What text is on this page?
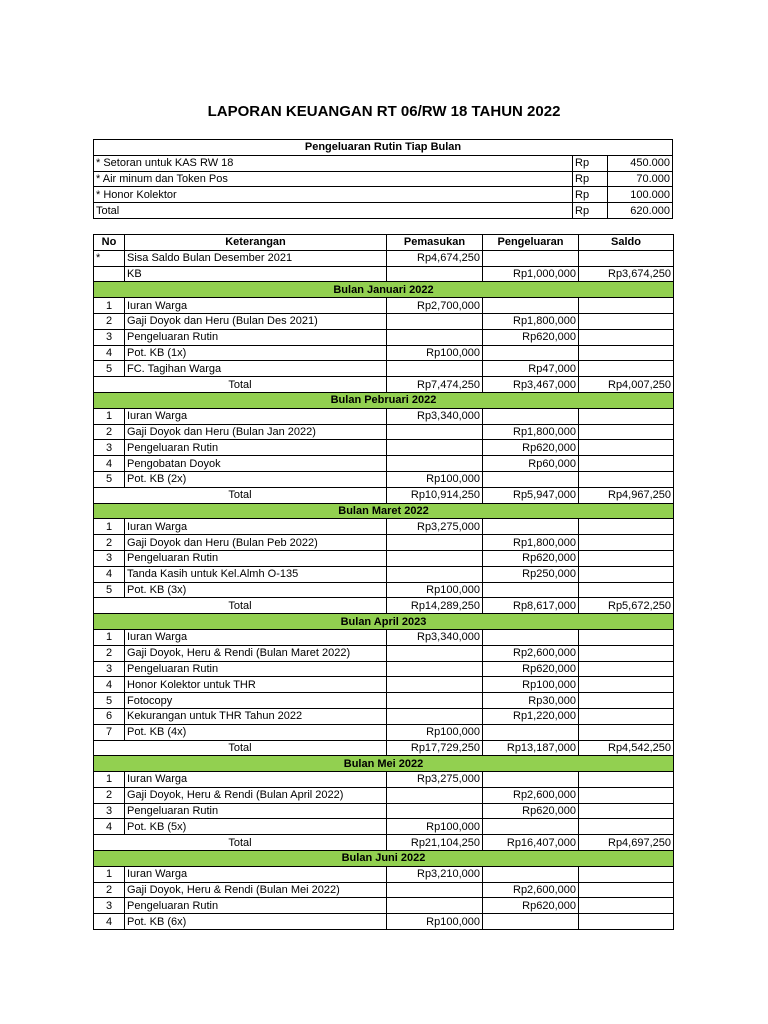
LAPORAN KEUANGAN RT 06/RW 18 TAHUN 2022
Pengeluaran Rutin Tiap Bulan		
* Setoran untuk KAS RW 18	Rp	450.000
* Air minum dan Token Pos	Rp	70.000
* Honor Kolektor	Rp	100.000
Total	Rp	620.000
No	Keterangan	Pemasukan	Pengeluaran	Saldo
*	Sisa Saldo Bulan Desember 2021	Rp4,674,250		
	KB		Rp1,000,000	Rp3,674,250
Bulan Januari 2022				
1	Iuran Warga	Rp2,700,000		
2	Gaji Doyok dan Heru (Bulan Des 2021)		Rp1,800,000	
3	Pengeluaran Rutin		Rp620,000	
4	Pot. KB (1x)	Rp100,000		
5	FC. Tagihan Warga		Rp47,000	
Total		Rp7,474,250	Rp3,467,000	Rp4,007,250
Bulan Pebruari 2022				
1	Iuran Warga	Rp3,340,000		
2	Gaji Doyok dan Heru (Bulan Jan 2022)		Rp1,800,000	
3	Pengeluaran Rutin		Rp620,000	
4	Pengobatan Doyok		Rp60,000	
5	Pot. KB (2x)	Rp100,000		
Total		Rp10,914,250	Rp5,947,000	Rp4,967,250
Bulan Maret 2022				
1	Iuran Warga	Rp3,275,000		
2	Gaji Doyok dan Heru (Bulan Peb 2022)		Rp1,800,000	
3	Pengeluaran Rutin		Rp620,000	
4	Tanda Kasih untuk Kel.Almh O-135		Rp250,000	
5	Pot. KB (3x)	Rp100,000		
Total		Rp14,289,250	Rp8,617,000	Rp5,672,250
Bulan April 2023				
1	Iuran Warga	Rp3,340,000		
2	Gaji Doyok, Heru & Rendi (Bulan Maret 2022)		Rp2,600,000	
3	Pengeluaran Rutin		Rp620,000	
4	Honor Kolektor untuk THR		Rp100,000	
5	Fotocopy		Rp30,000	
6	Kekurangan untuk THR Tahun 2022		Rp1,220,000	
7	Pot. KB (4x)	Rp100,000		
Total		Rp17,729,250	Rp13,187,000	Rp4,542,250
Bulan Mei 2022				
1	Iuran Warga	Rp3,275,000		
2	Gaji Doyok, Heru & Rendi (Bulan April 2022)		Rp2,600,000	
3	Pengeluaran Rutin		Rp620,000	
4	Pot. KB (5x)	Rp100,000		
Total		Rp21,104,250	Rp16,407,000	Rp4,697,250
Bulan Juni 2022				
1	Iuran Warga	Rp3,210,000		
2	Gaji Doyok, Heru & Rendi (Bulan Mei 2022)		Rp2,600,000	
3	Pengeluaran Rutin		Rp620,000	
4	Pot. KB (6x)	Rp100,000		
